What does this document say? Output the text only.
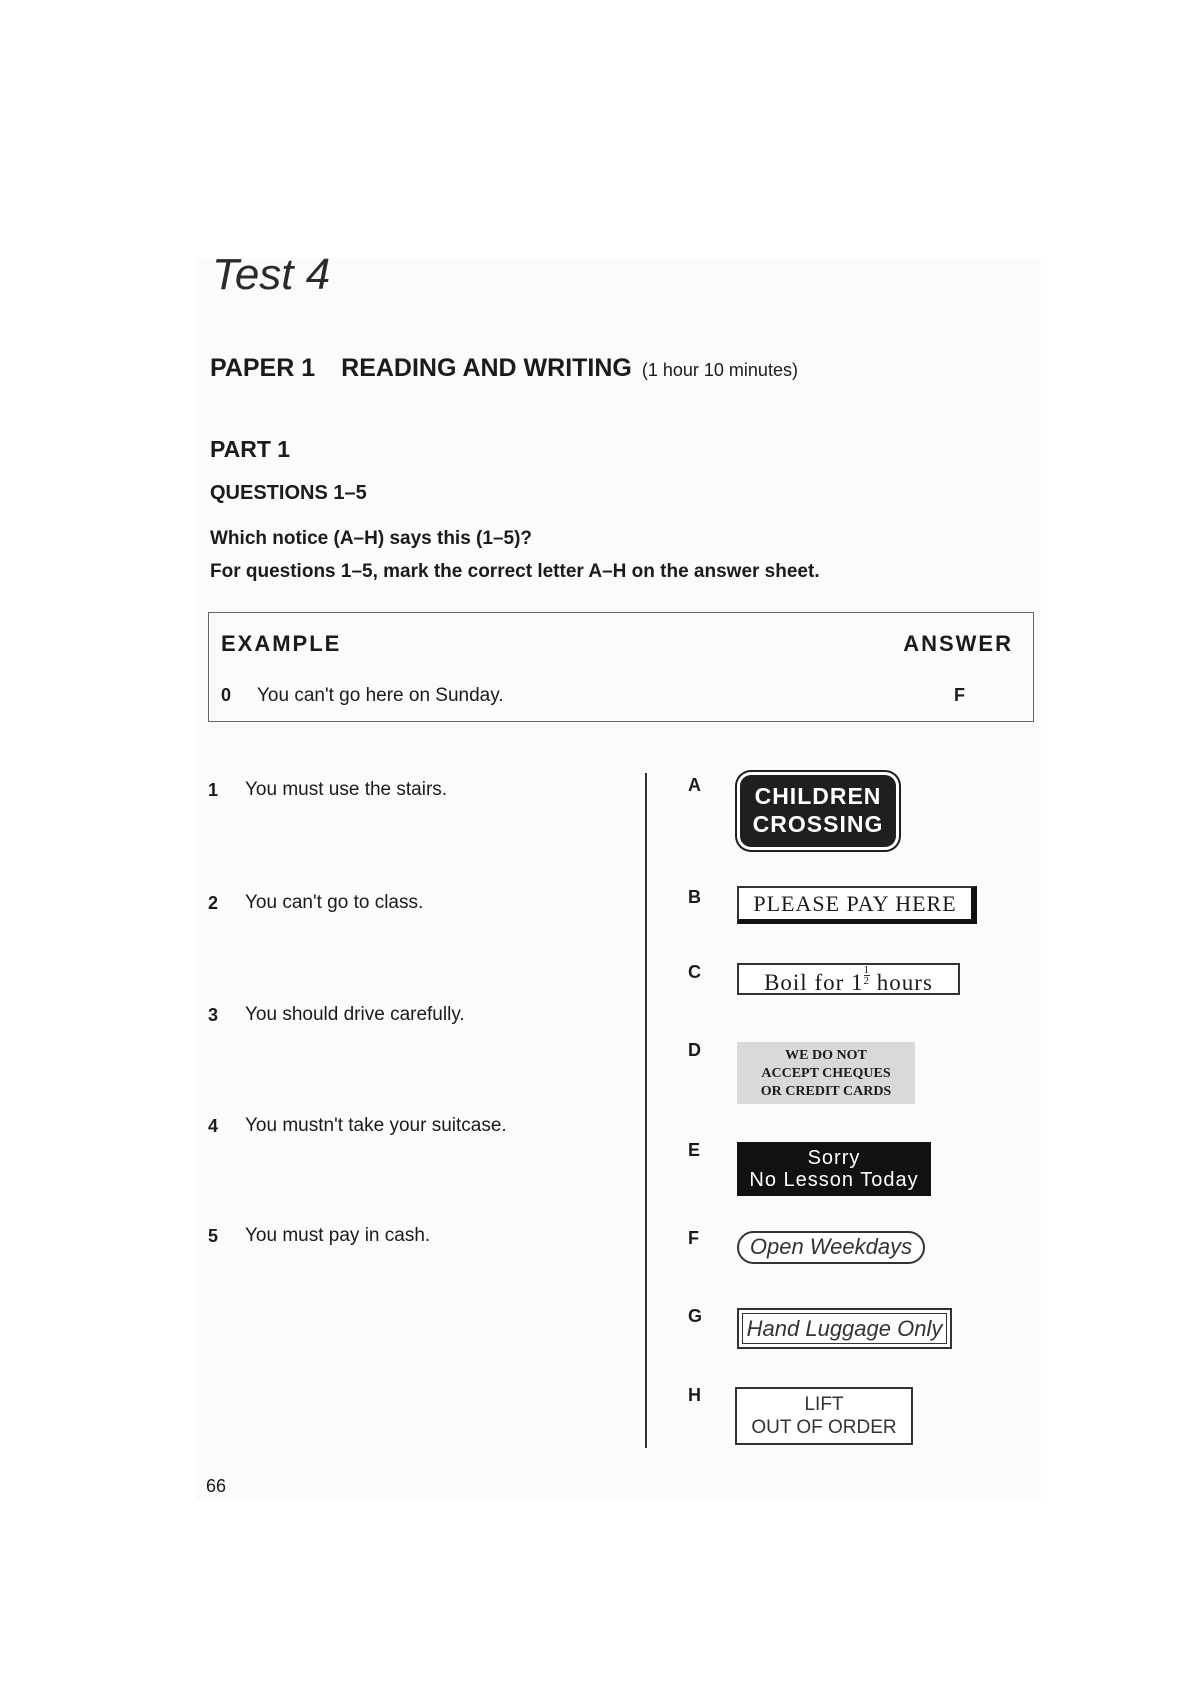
Test 4
PAPER 1 READING AND WRITING (1 hour 10 minutes)
PART 1
QUESTIONS 1–5
Which notice (A–H) says this (1–5)?
For questions 1–5, mark the correct letter A–H on the answer sheet.
EXAMPLE	ANSWER
0 You can't go here on Sunday.	F
1 You must use the stairs.
2 You can't go to class.
3 You should drive carefully.
4 You mustn't take your suitcase.
5 You must pay in cash.
A	CHILDREN
CROSSING
B	PLEASE PAY HERE
C	Boil for $1 \frac{1}{2}$ hours
D	WE DO NOT
ACCEPT CHEQUES
OR CREDIT CARDS
E	Sorry
No Lesson Today
F	Open Weekdays
G	Hand Luggage Only
H	LIFT
OUT OF ORDER
66
